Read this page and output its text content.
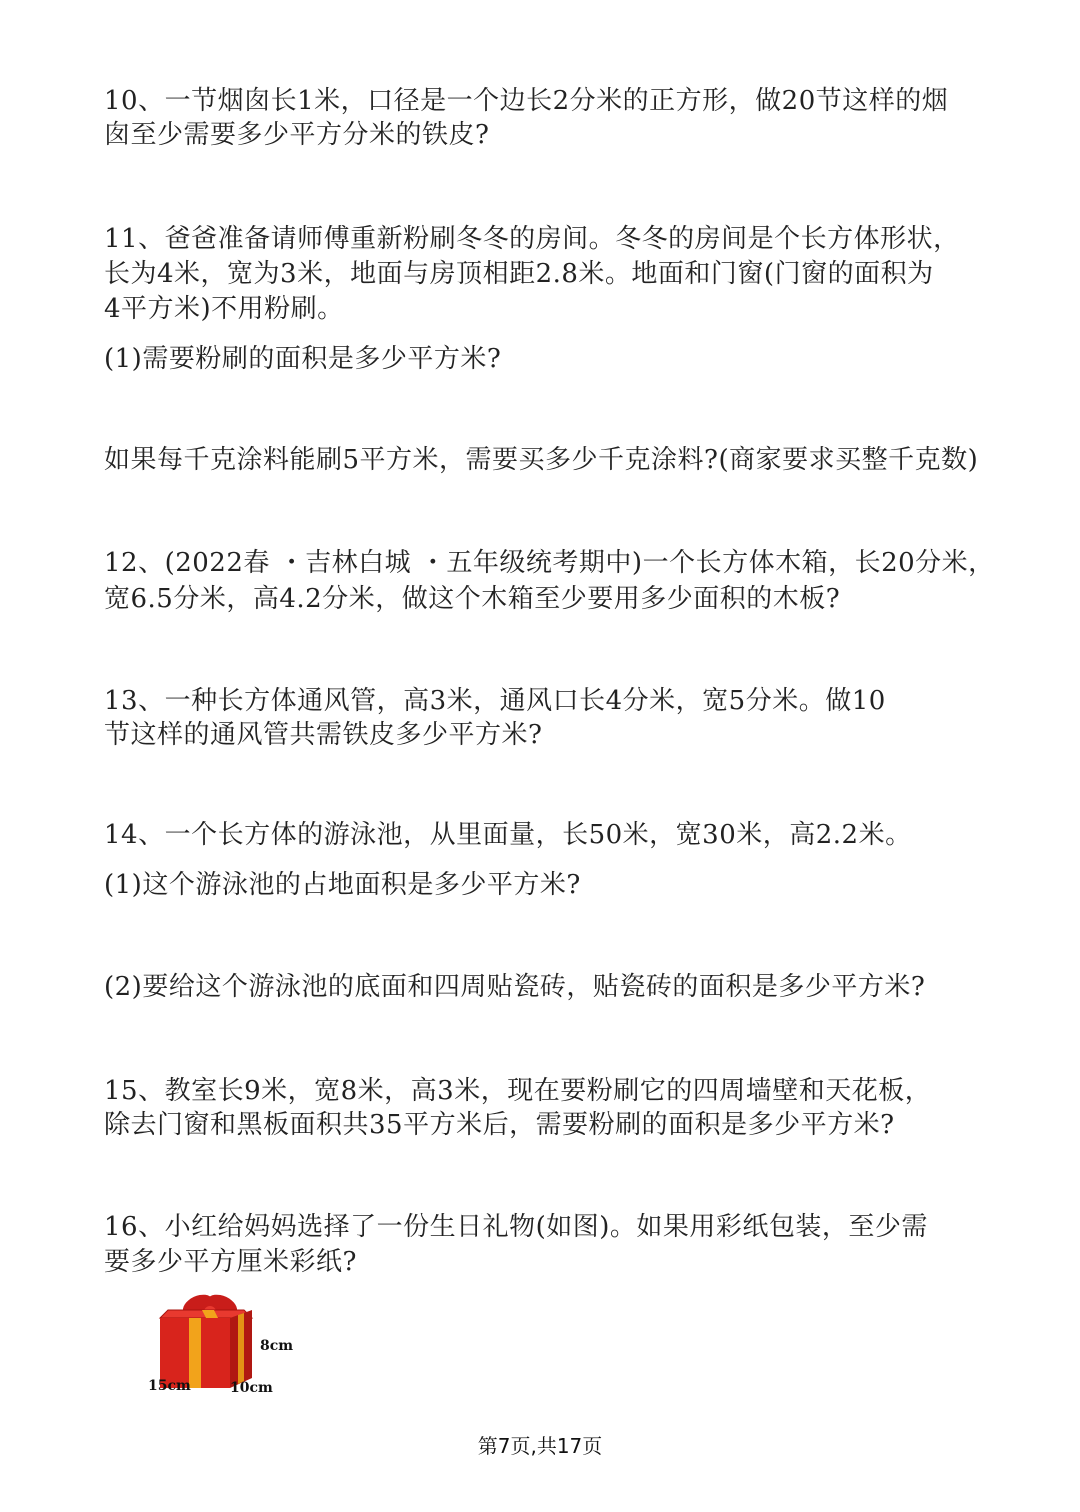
10、一节烟囱长1米，口径是一个边长2分米的正方形，做20节这样的烟
囱至少需要多少平方分米的铁皮?
11、爸爸准备请师傅重新粉刷冬冬的房间。冬冬的房间是个长方体形状，
长为4米，宽为3米，地面与房顶相距2.8米。地面和门窗(门窗的面积为
4平方米)不用粉刷。
(1)需要粉刷的面积是多少平方米?
如果每千克涂料能刷5平方米，需要买多少千克涂料?(商家要求买整千克数)
12、(2022春 ・吉林白城 ・五年级统考期中)一个长方体木箱，长20分米，
宽6.5分米，高4.2分米，做这个木箱至少要用多少面积的木板?
13、一种长方体通风管，高3米，通风口长4分米，宽5分米。做10
节这样的通风管共需铁皮多少平方米?
14、一个长方体的游泳池，从里面量，长50米，宽30米，高2.2米。
(1)这个游泳池的占地面积是多少平方米?
(2)要给这个游泳池的底面和四周贴瓷砖，贴瓷砖的面积是多少平方米?
15、教室长9米，宽8米，高3米，现在要粉刷它的四周墙壁和天花板，
除去门窗和黑板面积共35平方米后，需要粉刷的面积是多少平方米?
16、小红给妈妈选择了一份生日礼物(如图)。如果用彩纸包装，至少需
要多少平方厘米彩纸?
8cm
15cm	10cm
第7页,共17页
